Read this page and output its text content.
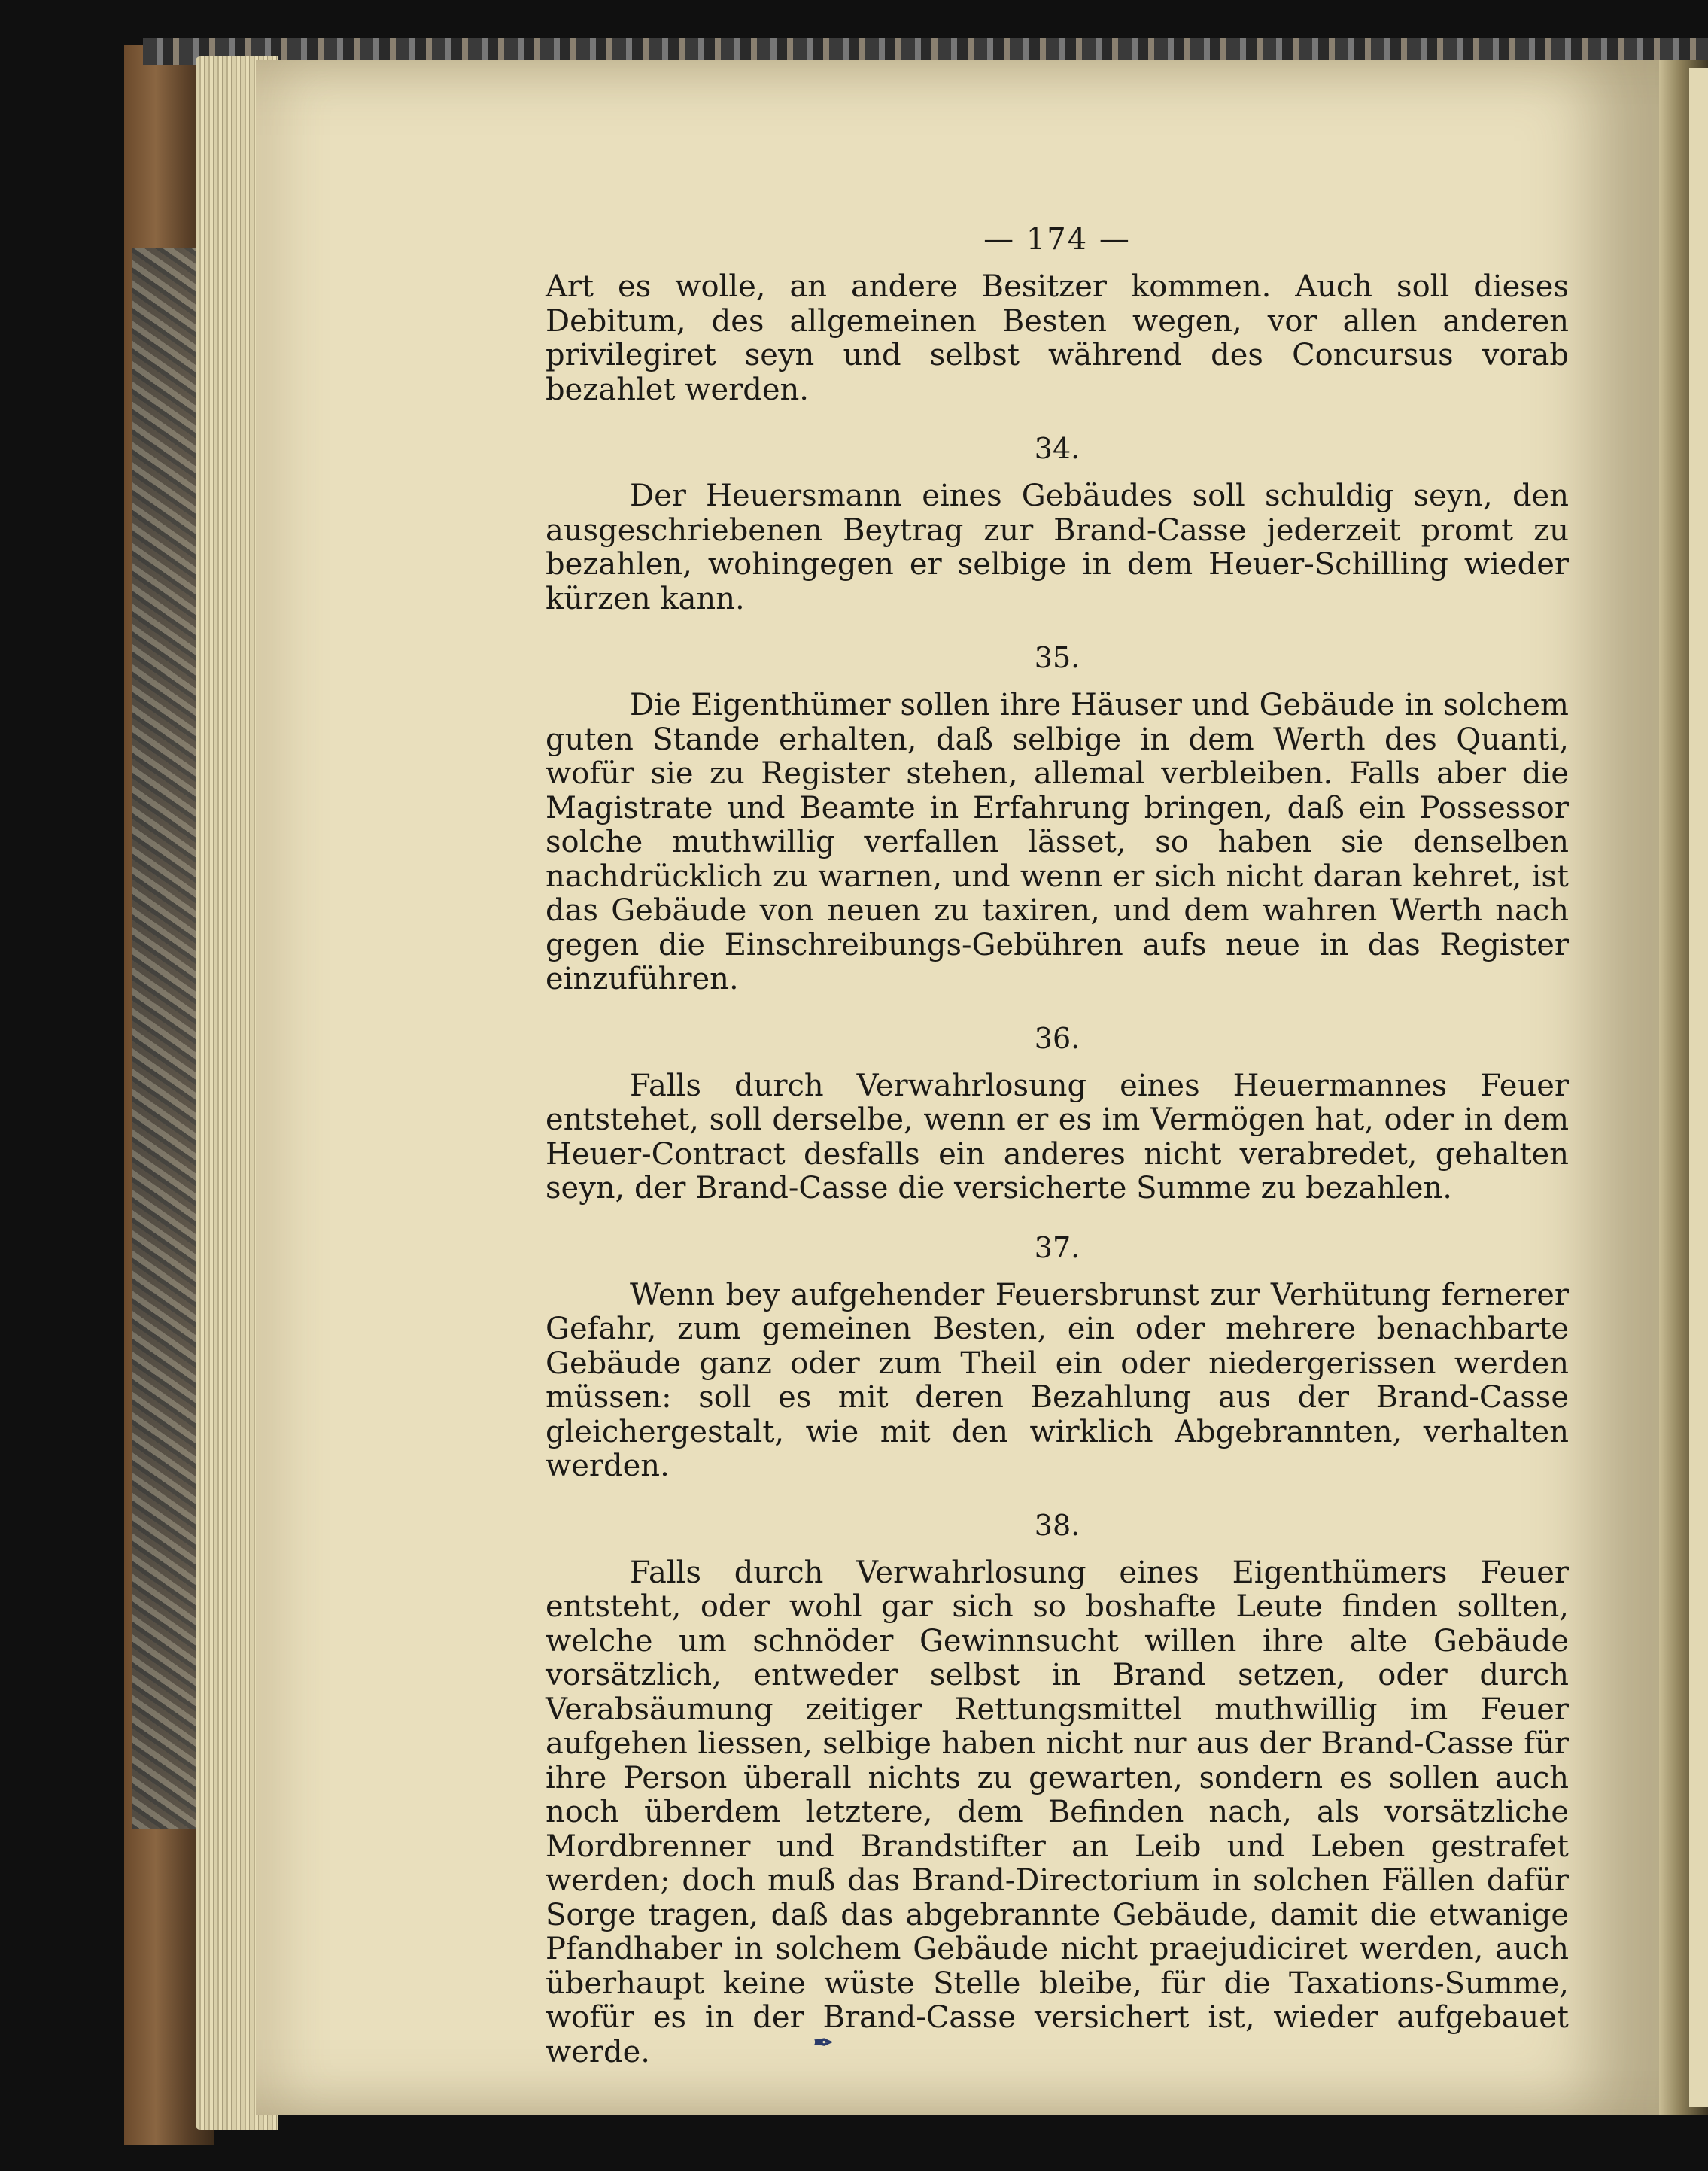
— 174 —

Art es wolle, an andere Besitzer kommen. Auch soll dieses Debitum, des allgemeinen Besten wegen, vor allen anderen privilegiret seyn und selbst während des Concursus vorab bezahlet werden.

34.

Der Heuersmann eines Gebäudes soll schuldig seyn, den ausgeschriebenen Beytrag zur Brand-Casse jederzeit promt zu bezahlen, wohingegen er selbige in dem Heuer-Schilling wieder kürzen kann.

35.

Die Eigenthümer sollen ihre Häuser und Gebäude in solchem guten Stande erhalten, daß selbige in dem Werth des Quanti, wofür sie zu Register stehen, allemal verbleiben. Falls aber die Magistrate und Beamte in Erfahrung bringen, daß ein Possessor solche muthwillig verfallen lässet, so haben sie denselben nachdrücklich zu warnen, und wenn er sich nicht daran kehret, ist das Gebäude von neuen zu taxiren, und dem wahren Werth nach gegen die Einschreibungs-Gebühren aufs neue in das Register einzuführen.

36.

Falls durch Verwahrlosung eines Heuermannes Feuer entstehet, soll derselbe, wenn er es im Vermögen hat, oder in dem Heuer-Contract desfalls ein anderes nicht verabredet, gehalten seyn, der Brand-Casse die versicherte Summe zu bezahlen.

37.

Wenn bey aufgehender Feuersbrunst zur Verhütung fernerer Gefahr, zum gemeinen Besten, ein oder mehrere benachbarte Gebäude ganz oder zum Theil ein oder niedergerissen werden müssen: soll es mit deren Bezahlung aus der Brand-Casse gleichergestalt, wie mit den wirklich Abgebrannten, verhalten werden.

38.

Falls durch Verwahrlosung eines Eigenthümers Feuer entsteht, oder wohl gar sich so boshafte Leute finden sollten, welche um schnöder Gewinnsucht willen ihre alte Gebäude vorsätzlich, entweder selbst in Brand setzen, oder durch Verabsäumung zeitiger Rettungsmittel muthwillig im Feuer aufgehen liessen, selbige haben nicht nur aus der Brand-Casse für ihre Person überall nichts zu gewarten, sondern es sollen auch noch überdem letztere, dem Befinden nach, als vorsätzliche Mordbrenner und Brandstifter an Leib und Leben gestrafet werden; doch muß das Brand-Directorium in solchen Fällen dafür Sorge tragen, daß das abgebrannte Gebäude, damit die etwanige Pfandhaber in solchem Gebäude nicht praejudiciret werden, auch überhaupt keine wüste Stelle bleibe, für die Taxations-Summe, wofür es in der Brand-Casse versichert ist, wieder aufgebauet werde.	✒
